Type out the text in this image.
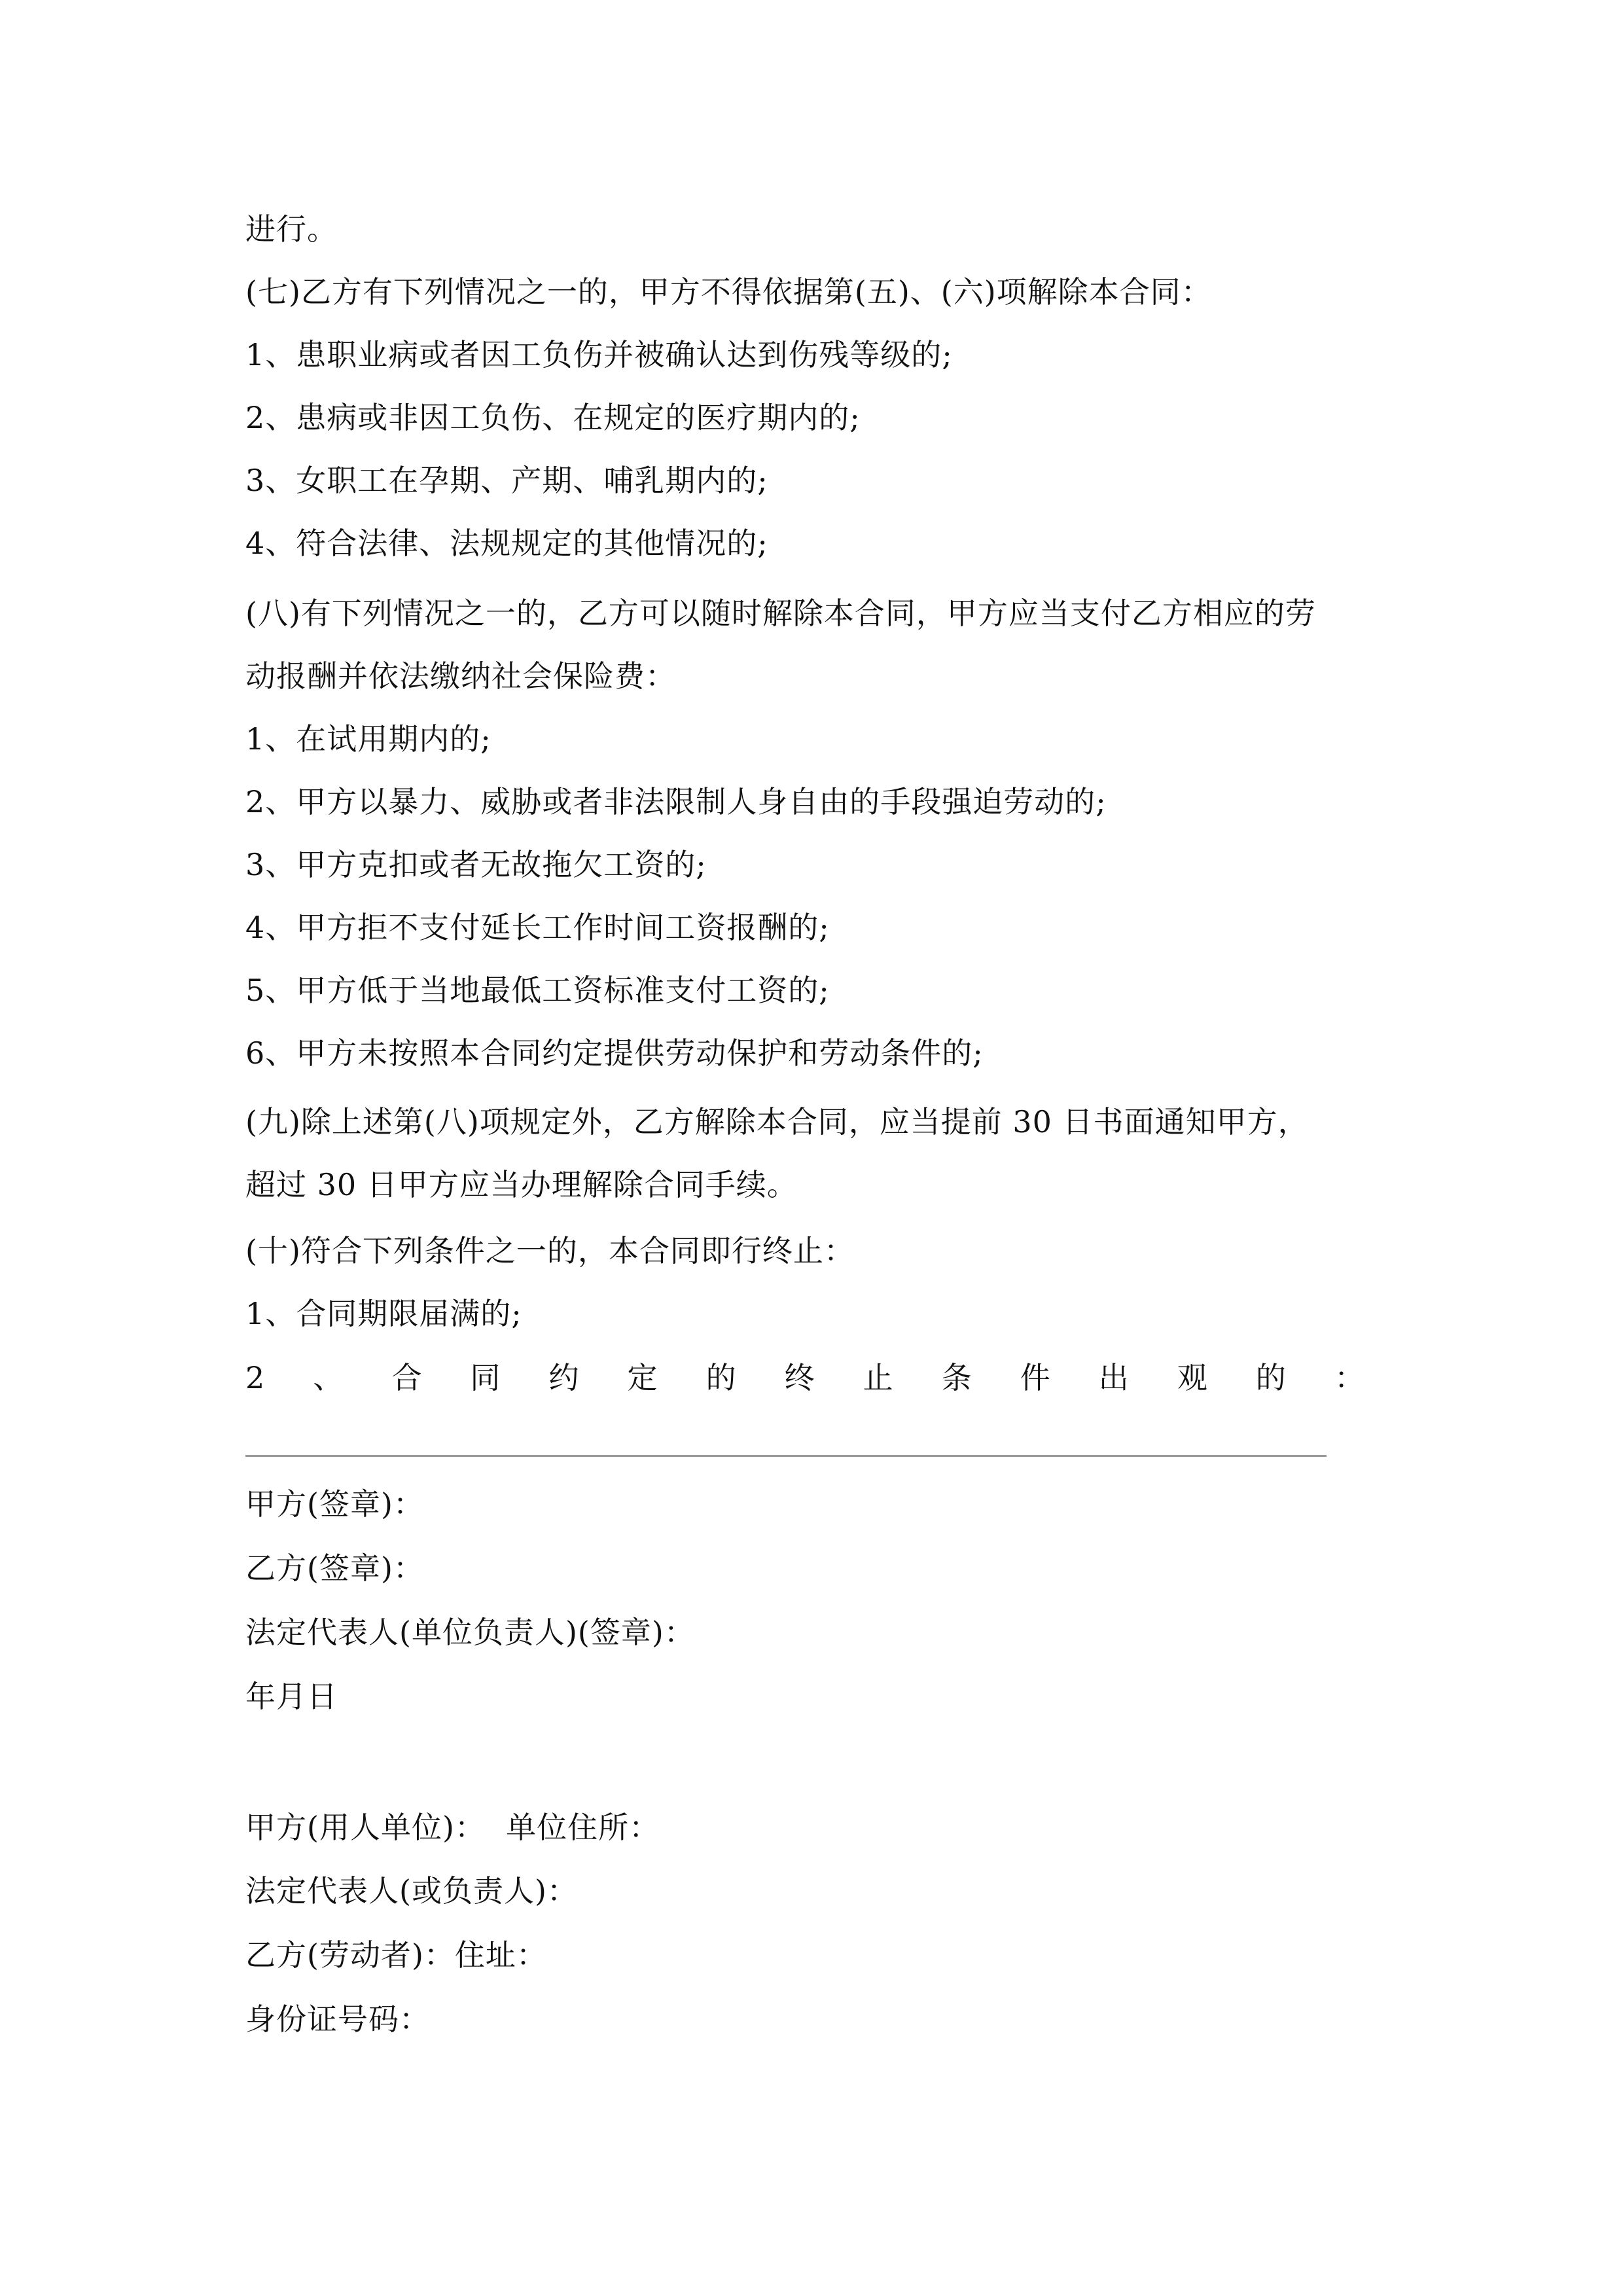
进行。
(七)乙方有下列情况之一的，甲方不得依据第(五)、(六)项解除本合同：
1、患职业病或者因工负伤并被确认达到伤残等级的;
2、患病或非因工负伤、在规定的医疗期内的;
3、女职工在孕期、产期、哺乳期内的;
4、符合法律、法规规定的其他情况的;
(八)有下列情况之一的，乙方可以随时解除本合同，甲方应当支付乙方相应的劳
动报酬并依法缴纳社会保险费：
1、在试用期内的;
2、甲方以暴力、威胁或者非法限制人身自由的手段强迫劳动的;
3、甲方克扣或者无故拖欠工资的;
4、甲方拒不支付延长工作时间工资报酬的;
5、甲方低于当地最低工资标准支付工资的;
6、甲方未按照本合同约定提供劳动保护和劳动条件的;
(九)除上述第(八)项规定外，乙方解除本合同，应当提前 30 日书面通知甲方，
超过 30 日甲方应当办理解除合同手续。
(十)符合下列条件之一的，本合同即行终止：
1、合同期限届满的;
2 、 合 同 约 定 的 终 止 条 件 出 观 的 ：
甲方(签章)：
乙方(签章)：
法定代表人(单位负责人)(签章)：
年月日
甲方(用人单位)：  单位住所：
法定代表人(或负责人)：
乙方(劳动者)：住址：
身份证号码：
